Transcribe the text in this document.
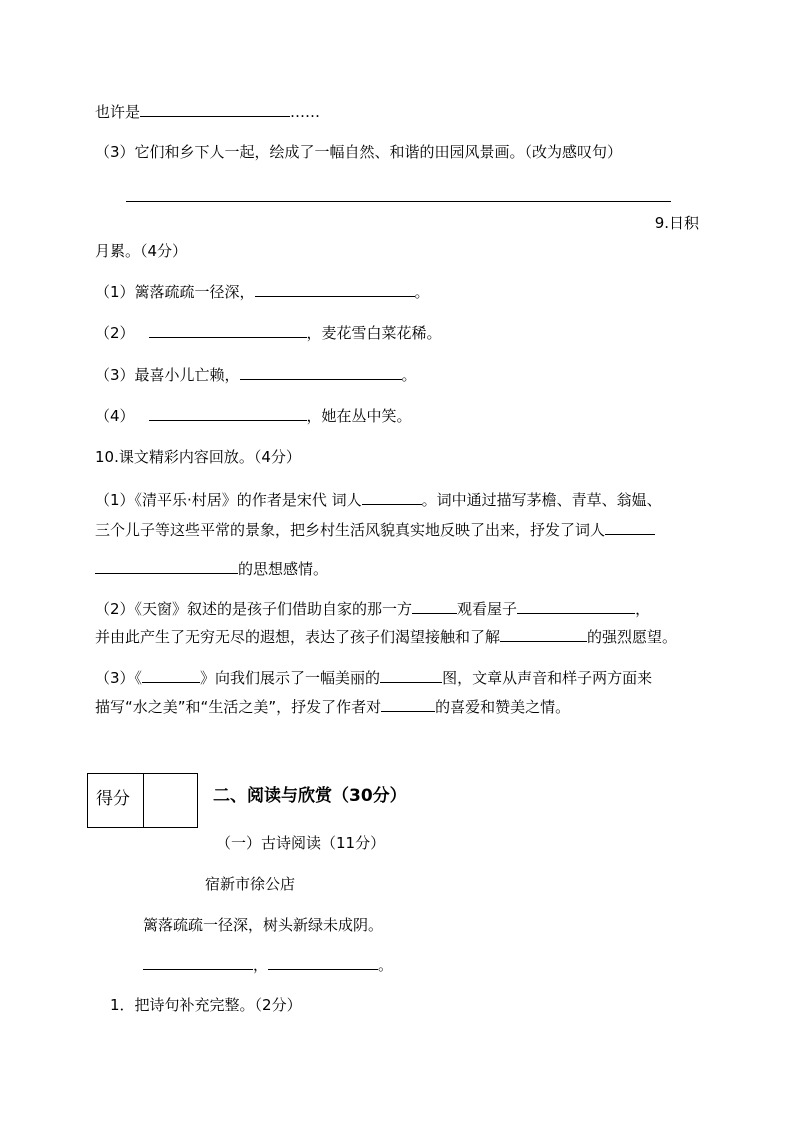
也许是	……
（3）它们和乡下人一起，绘成了一幅自然、和谐的田园风景画。（改为感叹句）
9.日积
月累。（4分）
（1）篱落疏疏一径深，	。
（2）	，麦花雪白菜花稀。
（3）最喜小儿亡赖，	。
（4）	，她在丛中笑。
10.课文精彩内容回放。（4分）
（1）《清平乐·村居》的作者是宋代 词人	。词中通过描写茅檐、青草、翁媪、
三个儿子等这些平常的景象，把乡村生活风貌真实地反映了出来，抒发了词人
的思想感情。
（2）《天窗》叙述的是孩子们借助自家的那一方	观看屋子	，
并由此产生了无穷无尽的遐想，表达了孩子们渴望接触和了解	的强烈愿望。
（3）《	》向我们展示了一幅美丽的	图，文章从声音和样子两方面来
描写“水之美”和“生活之美”，抒发了作者对	的喜爱和赞美之情。
得分	二、阅读与欣赏（30分）
（一）古诗阅读（11分）
宿新市徐公店
篱落疏疏一径深，树头新绿未成阴。
，	。
1．把诗句补充完整。（2分）
